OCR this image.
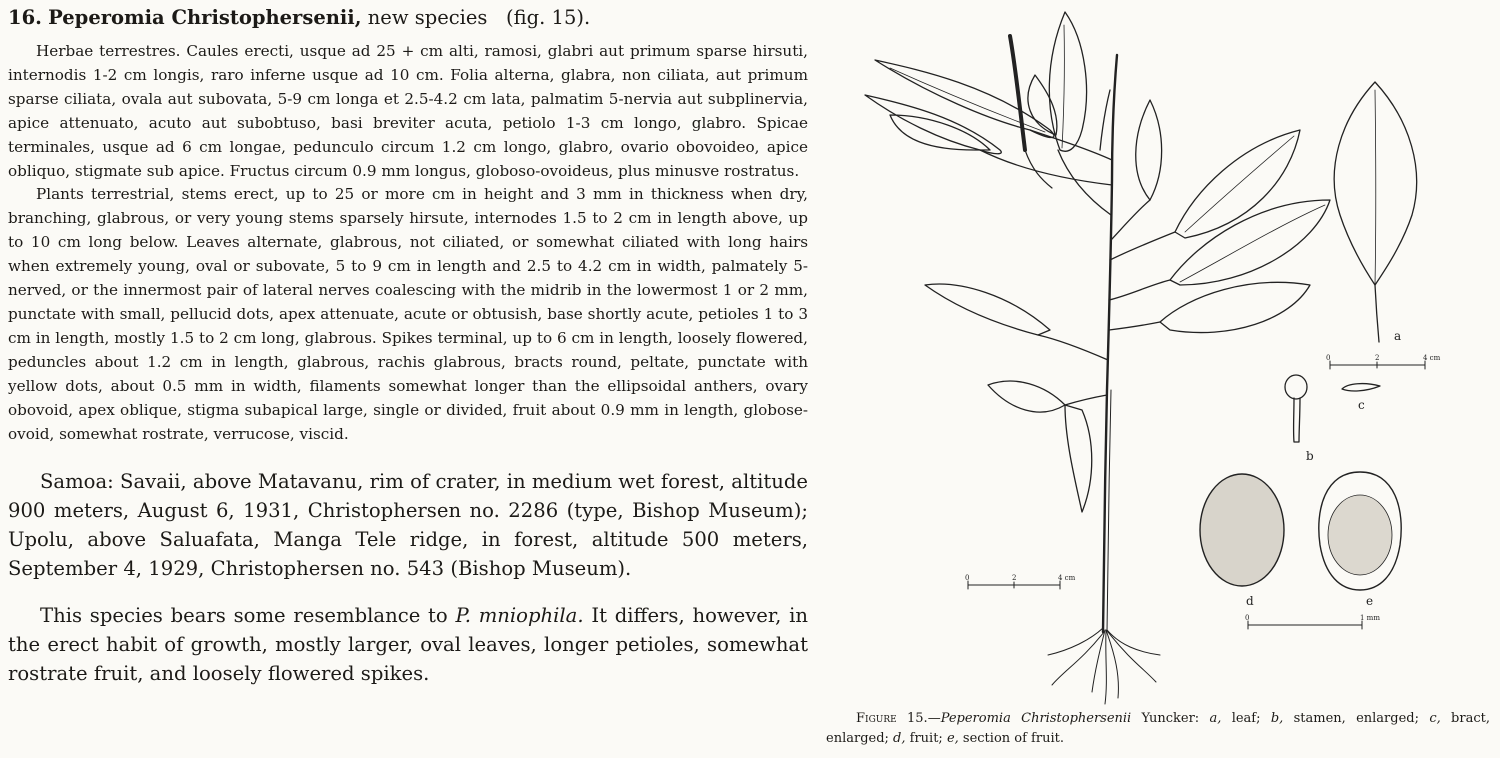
16. Peperomia Christophersenii, new species (fig. 15).

Herbae terrestres. Caules erecti, usque ad 25 + cm alti, ramosi, glabri aut primum sparse hirsuti, internodis 1-2 cm longis, raro inferne usque ad 10 cm. Folia alterna, glabra, non ciliata, aut primum sparse ciliata, ovala aut subovata, 5-9 cm longa et 2.5-4.2 cm lata, palmatim 5-nervia aut subplinervia, apice attenuato, acuto aut subobtuso, basi breviter acuta, petiolo 1-3 cm longo, glabro. Spicae terminales, usque ad 6 cm longae, pedunculo circum 1.2 cm longo, glabro, ovario obovoideo, apice obliquo, stigmate sub apice. Fructus circum 0.9 mm longus, globoso-ovoideus, plus minusve rostratus.

Plants terrestrial, stems erect, up to 25 or more cm in height and 3 mm in thickness when dry, branching, glabrous, or very young stems sparsely hirsute, internodes 1.5 to 2 cm in length above, up to 10 cm long below. Leaves alternate, glabrous, not ciliated, or somewhat ciliated with long hairs when extremely young, oval or subovate, 5 to 9 cm in length and 2.5 to 4.2 cm in width, palmately 5-nerved, or the innermost pair of lateral nerves coalescing with the midrib in the lowermost 1 or 2 mm, punctate with small, pellucid dots, apex attenuate, acute or obtusish, base shortly acute, petioles 1 to 3 cm in length, mostly 1.5 to 2 cm long, glabrous. Spikes terminal, up to 6 cm in length, loosely flowered, peduncles about 1.2 cm in length, glabrous, rachis glabrous, bracts round, peltate, punctate with yellow dots, about 0.5 mm in width, filaments somewhat longer than the ellipsoidal anthers, ovary obovoid, apex oblique, stigma subapical large, single or divided, fruit about 0.9 mm in length, globose-ovoid, somewhat rostrate, verrucose, viscid.

Samoa: Savaii, above Matavanu, rim of crater, in medium wet forest, altitude 900 meters, August 6, 1931, Christophersen no. 2286 (type, Bishop Museum); Upolu, above Saluafata, Manga Tele ridge, in forest, altitude 500 meters, September 4, 1929, Christophersen no. 543 (Bishop Museum).

This species bears some resemblance to P. mniophila. It differs, however, in the erect habit of growth, mostly larger, oval leaves, longer petioles, somewhat rostrate fruit, and loosely flowered spikes.

a
0	2	4 cm
b
c
d	e
0	1 mm
0	2	4 cm
Figure 15.—Peperomia Christophersenii Yuncker: a, leaf; b, stamen, enlarged; c, bract, enlarged; d, fruit; e, section of fruit.
